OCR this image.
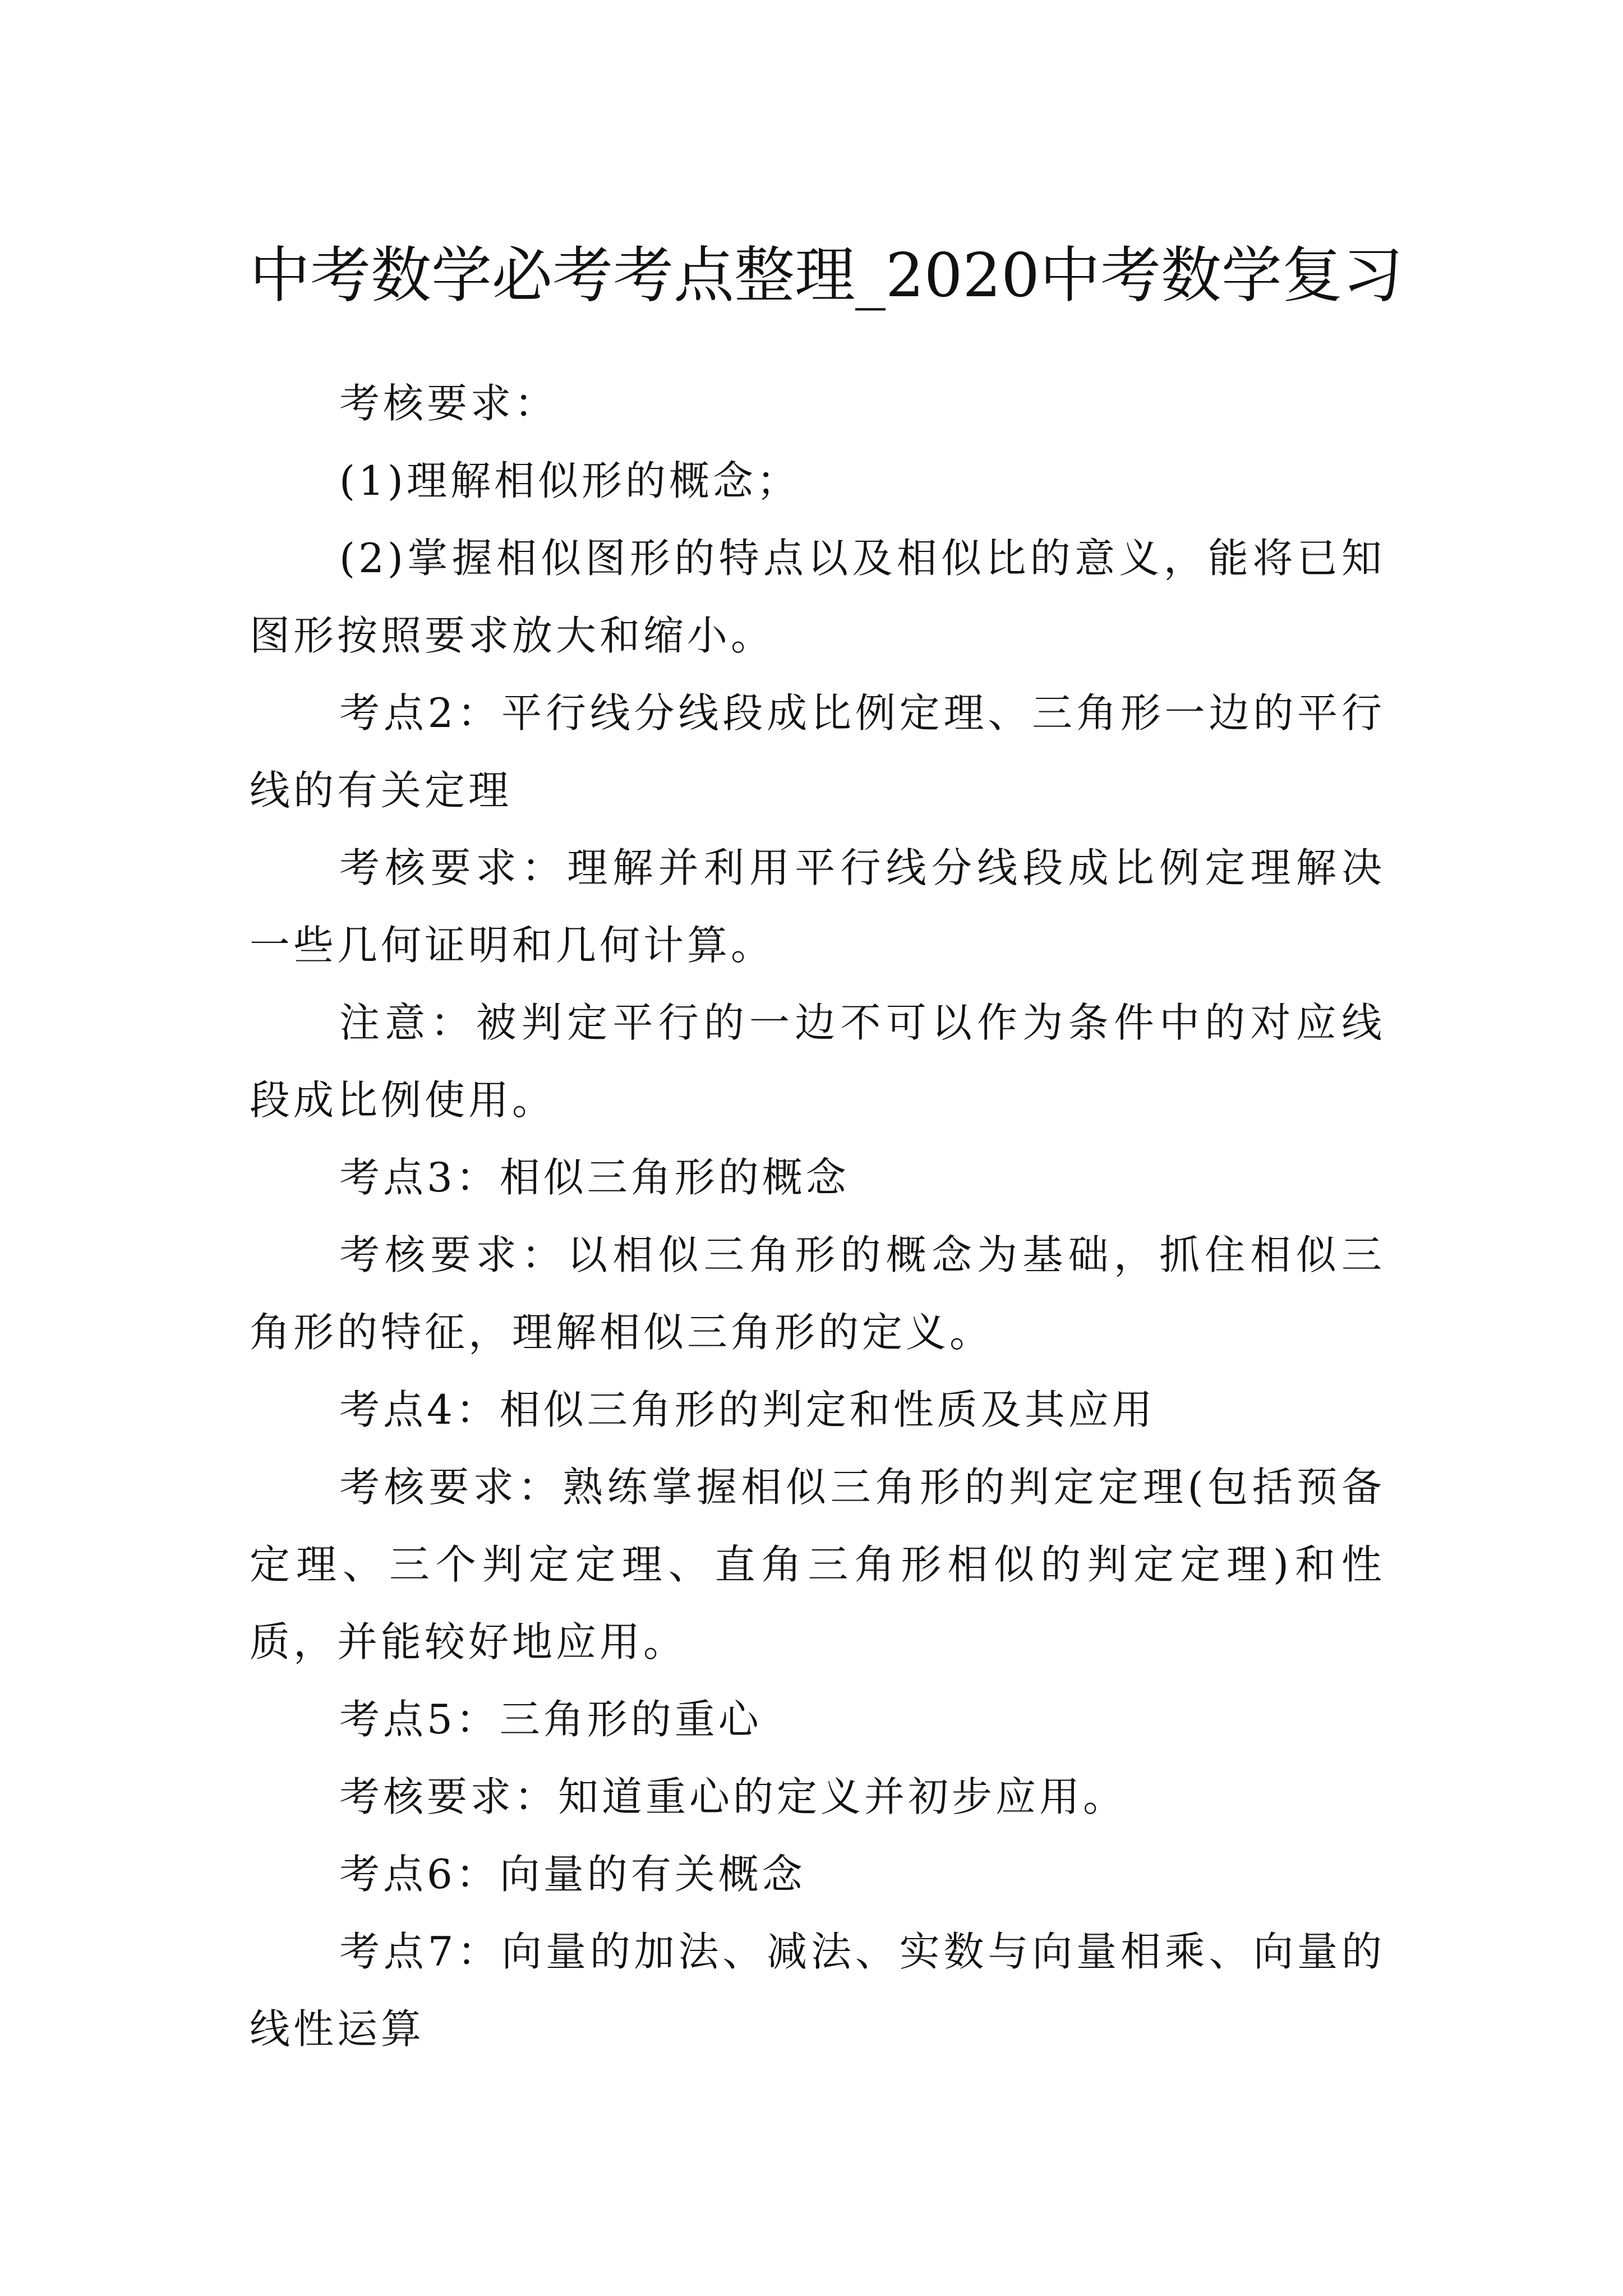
中考数学必考考点整理_2020中考数学复习

考核要求：

(1)理解相似形的概念；

(2)掌握相似图形的特点以及相似比的意义，能将已知图形按照要求放大和缩小。

考点2：平行线分线段成比例定理、三角形一边的平行线的有关定理

考核要求：理解并利用平行线分线段成比例定理解决一些几何证明和几何计算。

注意：被判定平行的一边不可以作为条件中的对应线段成比例使用。

考点3：相似三角形的概念

考核要求：以相似三角形的概念为基础，抓住相似三角形的特征，理解相似三角形的定义。

考点4：相似三角形的判定和性质及其应用

考核要求：熟练掌握相似三角形的判定定理(包括预备定理、三个判定定理、直角三角形相似的判定定理)和性质，并能较好地应用。

考点5：三角形的重心

考核要求：知道重心的定义并初步应用。

考点6：向量的有关概念

考点7：向量的加法、减法、实数与向量相乘、向量的线性运算
